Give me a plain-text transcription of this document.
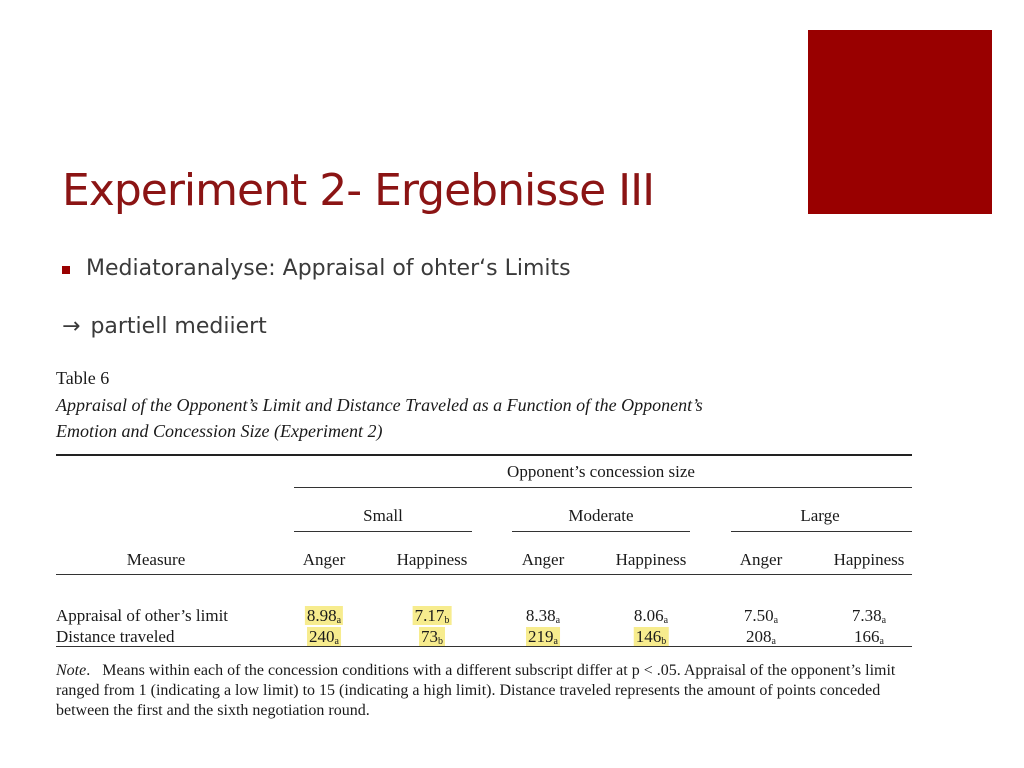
Experiment 2- Ergebnisse III
Mediatoranalyse: Appraisal of ohter‘s Limits
→ partiell mediiert
Table 6
Appraisal of the Opponent’s Limit and Distance Traveled as a Function of the Opponent’s
Emotion and Concession Size (Experiment 2)
Opponent’s concession size
Small	Moderate	Large
Measure	Anger	Happiness	Anger	Happiness	Anger	Happiness
Appraisal of other’s limit	$8.98_a$	$7.17_b$	$8.38_a$	$8.06_a$	$7.50_a$	$7.38_a$
Distance traveled	$240_a$	$73_b$	$219_a$	$146_b$	$208_a$	$166_a$
Note.   Means within each of the concession conditions with a different subscript differ at p < .05. Appraisal of the opponent’s limit ranged from 1 (indicating a low limit) to 15 (indicating a high limit). Distance traveled represents the amount of points conceded between the first and the sixth negotiation round.
